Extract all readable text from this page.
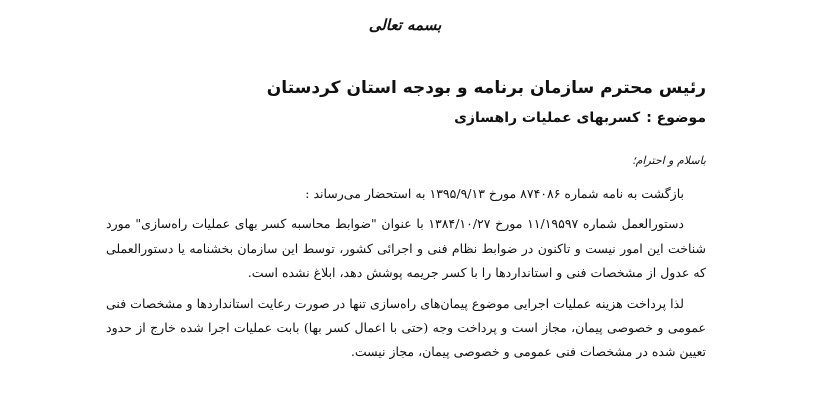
بسمه تعالی
رئیس محترم سازمان برنامه و بودجه استان کردستان
موضوع :کسربهای عملیات راهسازی
باسلام و احترام؛

بازگشت به نامه شماره ۸۷۴۰۸۶ مورخ ۱۳۹۵/۹/۱۳ به استحضار می‌رساند :

دستورالعمل شماره ۱۱/۱۹۵۹۷ مورخ ۱۳۸۴/۱۰/۲۷ با عنوان "ضوابط محاسبه کسر بهای عملیات راه‌سازی" مورد شناخت این امور نیست و تاکنون در ضوابط نظام فنی و اجرائی کشور، توسط این سازمان بخشنامه یا دستورالعملی که عدول از مشخصات فنی و استانداردها را با کسر جریمه پوشش دهد، ابلاغ نشده است.

لذا پرداخت هزینه عملیات اجرایی موضوع پیمان‌های راه‌سازی تنها در صورت رعایت استانداردها و مشخصات فنی عمومی و خصوصی پیمان، مجاز است و پرداخت وجه (حتی با اعمال کسر بها) بابت عملیات اجرا شده خارج از حدود تعیین شده در مشخصات فنی عمومی و خصوصی پیمان، مجاز نیست.
